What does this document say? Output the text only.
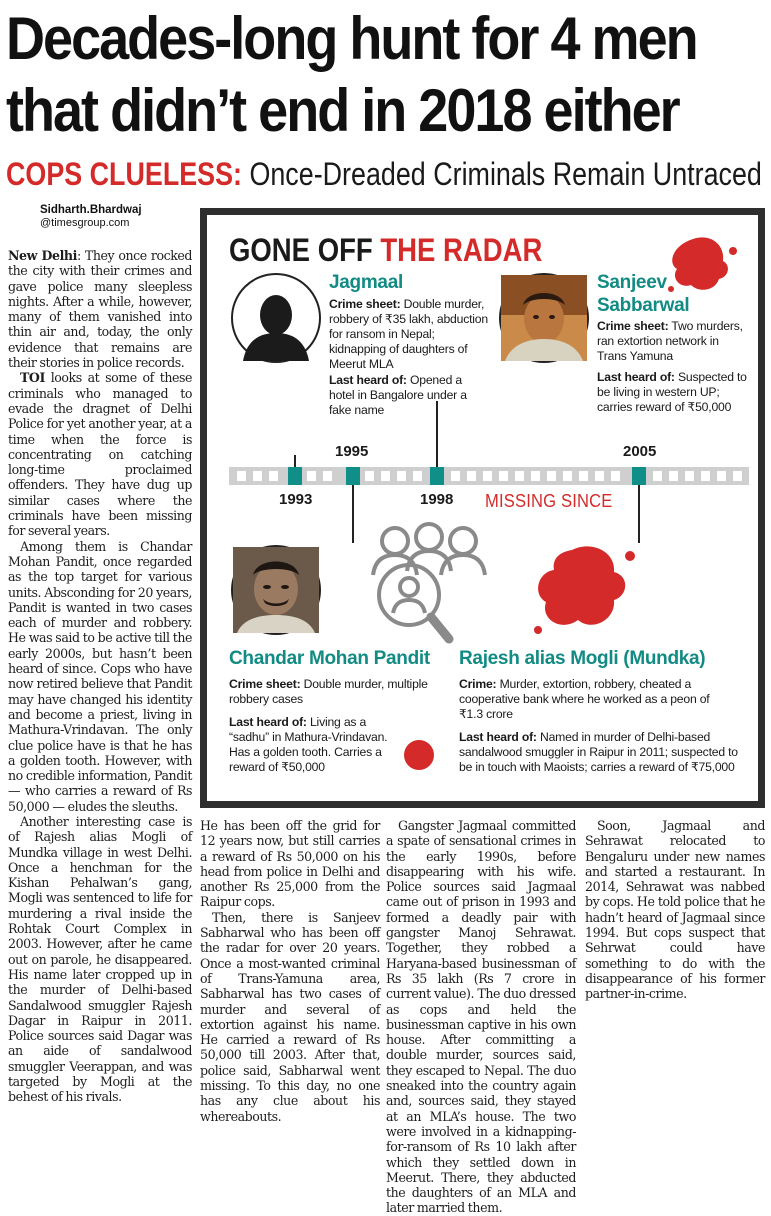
Decades-long hunt for 4 men
that didn’t end in 2018 either
COPS CLUELESS: Once-Dreaded Criminals Remain Untraced
Sidharth.Bhardwaj
@timesgroup.com

New Delhi: They once rocked the city with their crimes and gave police many sleepless nights. After a while, however, many of them vanished into thin air and, today, the only evidence that remains are their stories in police records.

TOI looks at some of these criminals who managed to evade the dragnet of Delhi Police for yet another year, at a time when the force is concentrating on catching long-time proclaimed offenders. They have dug up similar cases where the criminals have been missing for several years.

Among them is Chandar Mohan Pandit, once regarded as the top target for various units. Absconding for 20 years, Pandit is wanted in two cases each of murder and robbery. He was said to be active till the early 2000s, but hasn’t been heard of since. Cops who have now retired believe that Pandit may have changed his identity and become a priest, living in Mathura-Vrindavan. The only clue police have is that he has a golden tooth. However, with no credible information, Pandit — who carries a reward of Rs 50,000 — eludes the sleuths.

Another interesting case is of Rajesh alias Mogli of Mundka village in west Delhi. Once a henchman for the Kishan Pehalwan’s gang, Mogli was sentenced to life for murdering a rival inside the Rohtak Court Complex in 2003. However, after he came out on parole, he disappeared. His name later cropped up in the murder of Delhi-based Sandalwood smuggler Rajesh Dagar in Raipur in 2011. Police sources said Dagar was an aide of sandalwood smuggler Veerappan, and was targeted by Mogli at the behest of his rivals.

He has been off the grid for 12 years now, but still carries a reward of Rs 50,000 on his head from police in Delhi and another Rs 25,000 from the Raipur cops.

Then, there is Sanjeev Sabharwal who has been off the radar for over 20 years. Once a most-wanted criminal of Trans-Yamuna area, Sabharwal has two cases of murder and several of extortion against his name. He carried a reward of Rs 50,000 till 2003. After that, police said, Sabharwal went missing. To this day, no one has any clue about his whereabouts.

Gangster Jagmaal committed a spate of sensational crimes in the early 1990s, before disappearing with his wife. Police sources said Jagmaal came out of prison in 1993 and formed a deadly pair with gangster Manoj Sehrawat. Together, they robbed a Haryana-based businessman of Rs 35 lakh (Rs 7 crore in current value). The duo dressed as cops and held the businessman captive in his own house. After committing a double murder, sources said, they escaped to Nepal. The duo sneaked into the country again and, sources said, they stayed at an MLA’s house. The two were involved in a kidnapping-for-ransom of Rs 10 lakh after which they settled down in Meerut. There, they abducted the daughters of an MLA and later married them.

Soon, Jagmaal and Sehrawat relocated to Bengaluru under new names and started a restaurant. In 2014, Sehrawat was nabbed by cops. He told police that he hadn’t heard of Jagmaal since 1994. But cops suspect that Sehrwat could have something to do with the disappearance of his former partner-in-crime.

GONE OFF THE RADAR
Jagmaal
Crime sheet: Double murder, robbery of ₹35 lakh, abduction for ransom in Nepal; kidnapping of daughters of Meerut MLA
Last heard of: Opened a hotel in Bangalore under a fake name
Sanjeev
Sabbarwal
Crime sheet: Two murders, ran extortion network in Trans Yamuna
Last heard of: Suspected to be living in western UP; carries reward of ₹50,000
1993
1995
1998
2005
MISSING SINCE
Chandar Mohan Pandit
Crime sheet: Double murder, multiple robbery cases
Last heard of: Living as a “sadhu” in Mathura-Vrindavan. Has a golden tooth. Carries a reward of ₹50,000
Rajesh alias Mogli (Mundka)
Crime: Murder, extortion, robbery, cheated a cooperative bank where he worked as a peon of ₹1.3 crore
Last heard of: Named in murder of Delhi-based sandalwood smuggler in Raipur in 2011; suspected to be in touch with Maoists; carries a reward of ₹75,000
